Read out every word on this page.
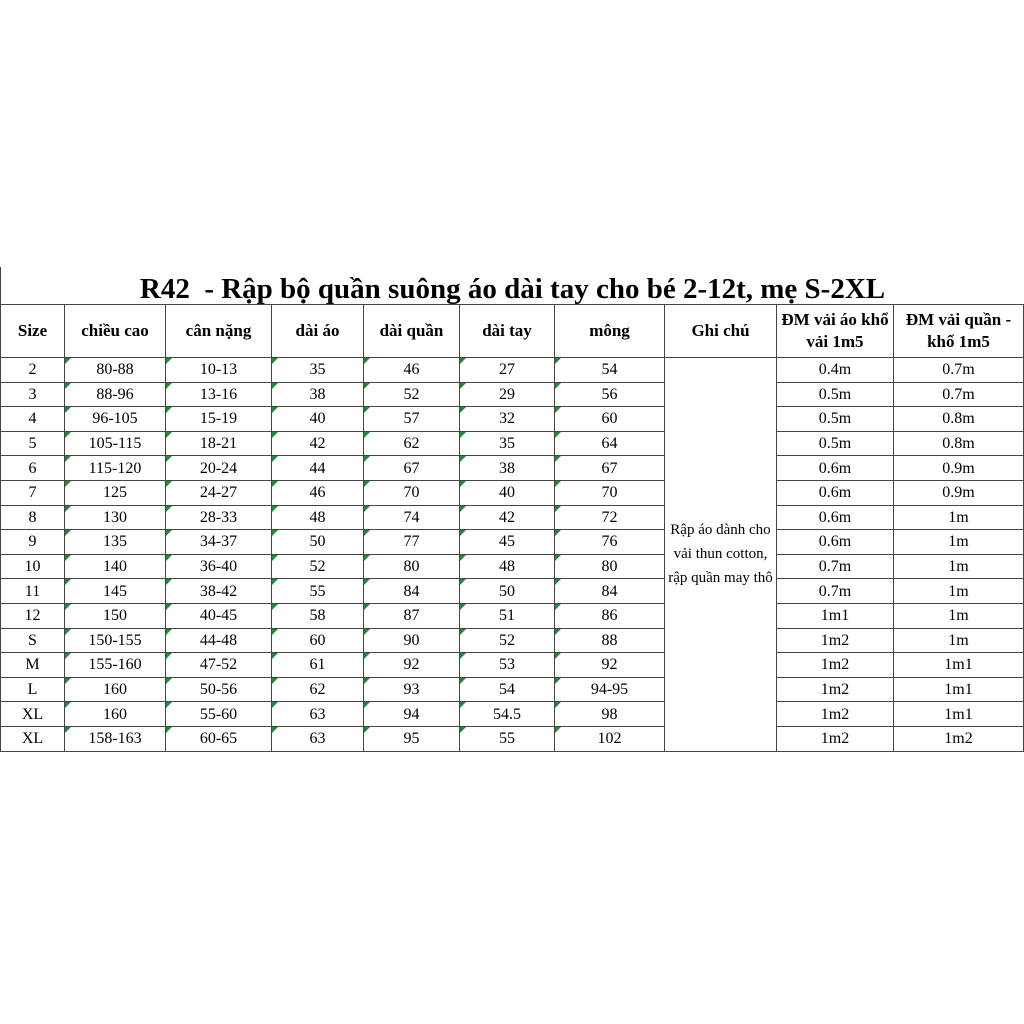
R42  - Rập bộ quần suông áo dài tay cho bé 2-12t, mẹ S-2XL
Size	chiều cao	cân nặng	dài áo	dài quần	dài tay	mông	Ghi chú	ĐM vải áo khổ vải 1m5	ĐM vải quần - khổ 1m5
2	80-88	10-13	35	46	27	54	Rập áo dành cho vải thun cotton, rập quần may thô	0.4m	0.7m
3	88-96	13-16	38	52	29	56		0.5m	0.7m
4	96-105	15-19	40	57	32	60		0.5m	0.8m
5	105-115	18-21	42	62	35	64		0.5m	0.8m
6	115-120	20-24	44	67	38	67		0.6m	0.9m
7	125	24-27	46	70	40	70		0.6m	0.9m
8	130	28-33	48	74	42	72		0.6m	1m
9	135	34-37	50	77	45	76		0.6m	1m
10	140	36-40	52	80	48	80		0.7m	1m
11	145	38-42	55	84	50	84		0.7m	1m
12	150	40-45	58	87	51	86		1m1	1m
S	150-155	44-48	60	90	52	88		1m2	1m
M	155-160	47-52	61	92	53	92		1m2	1m1
L	160	50-56	62	93	54	94-95		1m2	1m1
XL	160	55-60	63	94	54.5	98		1m2	1m1
XL	158-163	60-65	63	95	55	102		1m2	1m2
